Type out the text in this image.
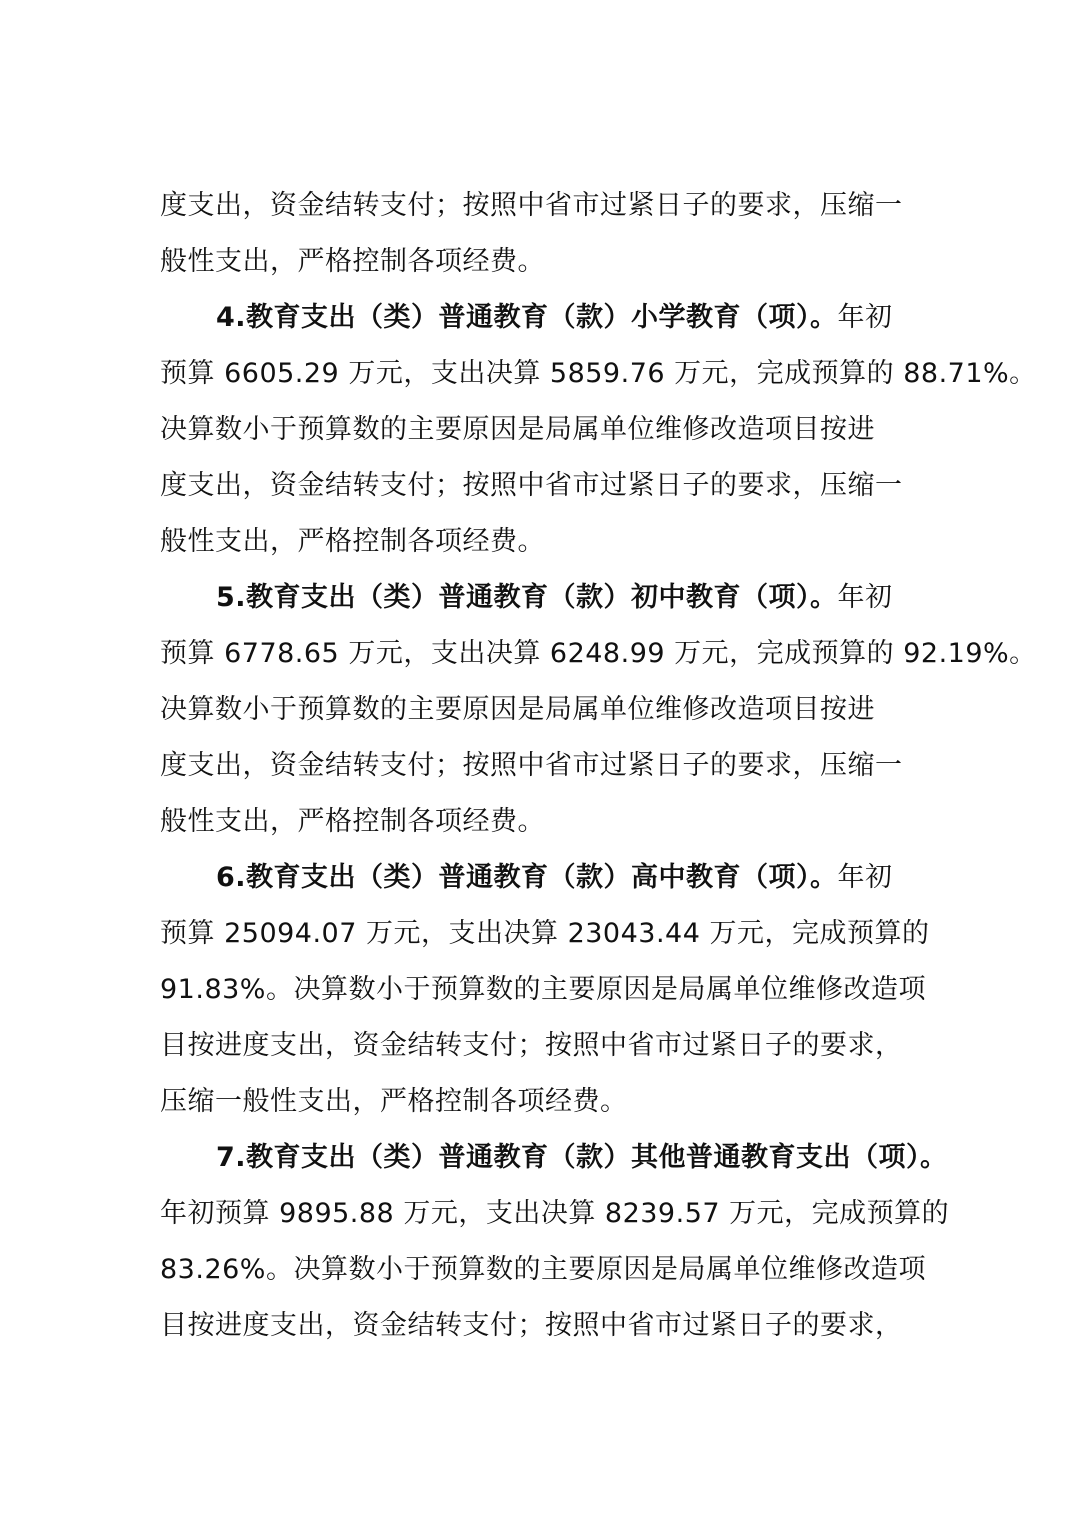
度支出，资金结转支付；按照中省市过紧日子的要求，压缩一
般性支出，严格控制各项经费。
4.教育支出（类）普通教育（款）小学教育（项）。年初
预算 6605.29 万元，支出决算 5859.76 万元，完成预算的 88.71%。
决算数小于预算数的主要原因是局属单位维修改造项目按进
度支出，资金结转支付；按照中省市过紧日子的要求，压缩一
般性支出，严格控制各项经费。
5.教育支出（类）普通教育（款）初中教育（项）。年初
预算 6778.65 万元，支出决算 6248.99 万元，完成预算的 92.19%。
决算数小于预算数的主要原因是局属单位维修改造项目按进
度支出，资金结转支付；按照中省市过紧日子的要求，压缩一
般性支出，严格控制各项经费。
6.教育支出（类）普通教育（款）高中教育（项）。年初
预算 25094.07 万元，支出决算 23043.44 万元，完成预算的
91.83%。决算数小于预算数的主要原因是局属单位维修改造项
目按进度支出，资金结转支付；按照中省市过紧日子的要求，
压缩一般性支出，严格控制各项经费。
7.教育支出（类）普通教育（款）其他普通教育支出（项）。
年初预算 9895.88 万元，支出决算 8239.57 万元，完成预算的
83.26%。决算数小于预算数的主要原因是局属单位维修改造项
目按进度支出，资金结转支付；按照中省市过紧日子的要求，
